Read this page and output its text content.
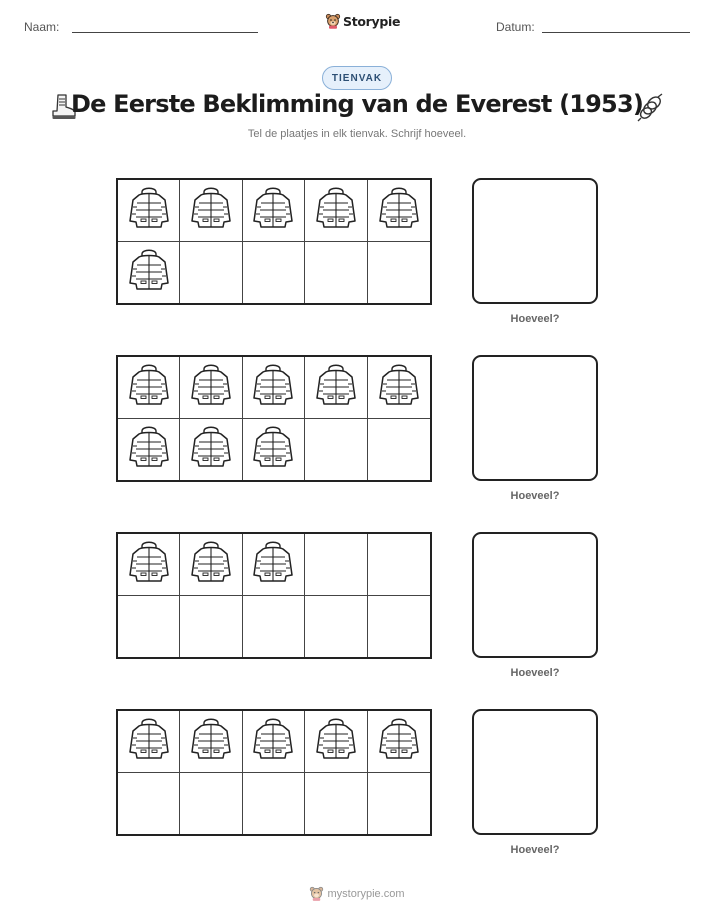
Naam:	Datum:
Storypie
TIENVAK
De Eerste Beklimming van de Everest (1953)
Tel de plaatjes in elk tienvak. Schrijf hoeveel.
Hoeveel?
Hoeveel?
Hoeveel?
Hoeveel?
mystorypie.com
